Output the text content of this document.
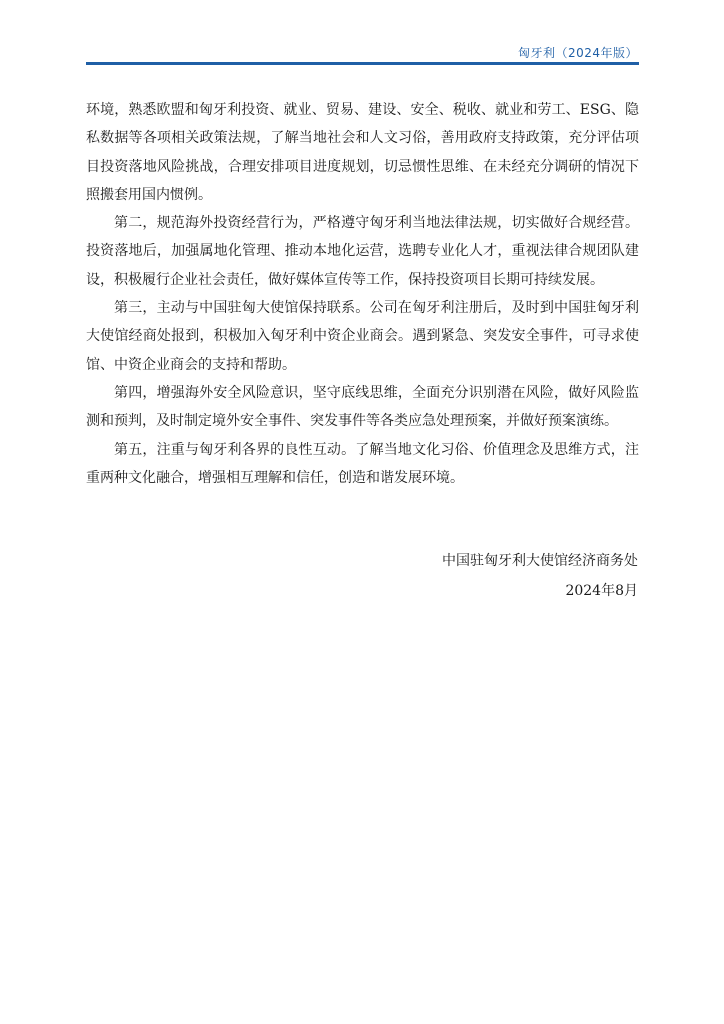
匈牙利（2024年版）

环境，熟悉欧盟和匈牙利投资、就业、贸易、建设、安全、税收、就业和劳工、ESG、隐私数据等各项相关政策法规，了解当地社会和人文习俗，善用政府支持政策，充分评估项目投资落地风险挑战，合理安排项目进度规划，切忌惯性思维、在未经充分调研的情况下照搬套用国内惯例。

第二，规范海外投资经营行为，严格遵守匈牙利当地法律法规，切实做好合规经营。投资落地后，加强属地化管理、推动本地化运营，选聘专业化人才，重视法律合规团队建设，积极履行企业社会责任，做好媒体宣传等工作，保持投资项目长期可持续发展。

第三，主动与中国驻匈大使馆保持联系。公司在匈牙利注册后，及时到中国驻匈牙利大使馆经商处报到，积极加入匈牙利中资企业商会。遇到紧急、突发安全事件，可寻求使馆、中资企业商会的支持和帮助。

第四，增强海外安全风险意识，坚守底线思维，全面充分识别潜在风险，做好风险监测和预判，及时制定境外安全事件、突发事件等各类应急处理预案，并做好预案演练。

第五，注重与匈牙利各界的良性互动。了解当地文化习俗、价值理念及思维方式，注重两种文化融合，增强相互理解和信任，创造和谐发展环境。

中国驻匈牙利大使馆经济商务处
2024年8月
